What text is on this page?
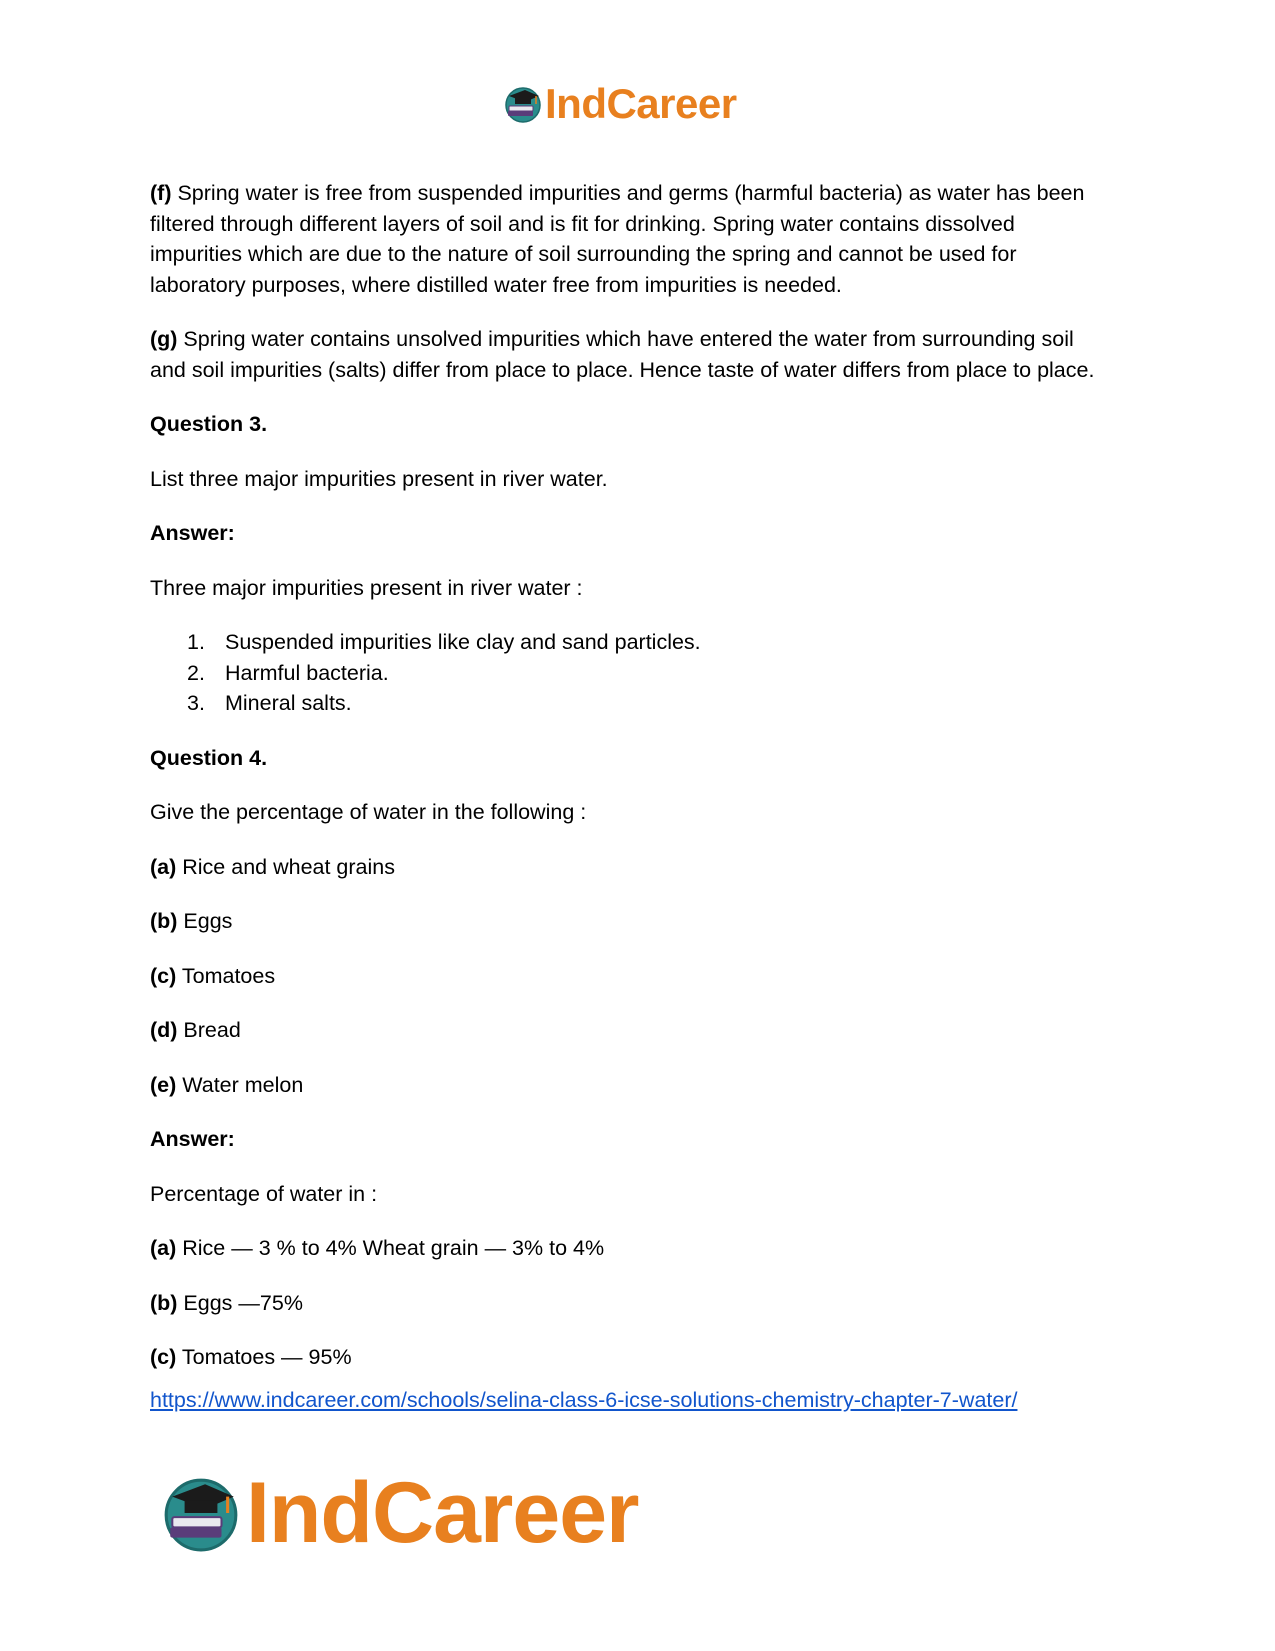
IndCareer

(f) Spring water is free from suspended impurities and germs (harmful bacteria) as water has been filtered through different layers of soil and is fit for drinking. Spring water contains dissolved impurities which are due to the nature of soil surrounding the spring and cannot be used for laboratory purposes, where distilled water free from impurities is needed.

(g) Spring water contains unsolved impurities which have entered the water from surrounding soil and soil impurities (salts) differ from place to place. Hence taste of water differs from place to place.

Question 3.

List three major impurities present in river water.

Answer:

Three major impurities present in river water :

1. Suspended impurities like clay and sand particles.
2. Harmful bacteria.
3. Mineral salts.

Question 4.

Give the percentage of water in the following :

(a) Rice and wheat grains

(b) Eggs

(c) Tomatoes

(d) Bread

(e) Water melon

Answer:

Percentage of water in :

(a) Rice — 3 % to 4% Wheat grain — 3% to 4%

(b) Eggs —75%

(c) Tomatoes — 95%

https://www.indcareer.com/schools/selina-class-6-icse-solutions-chemistry-chapter-7-water/
IndCareer
